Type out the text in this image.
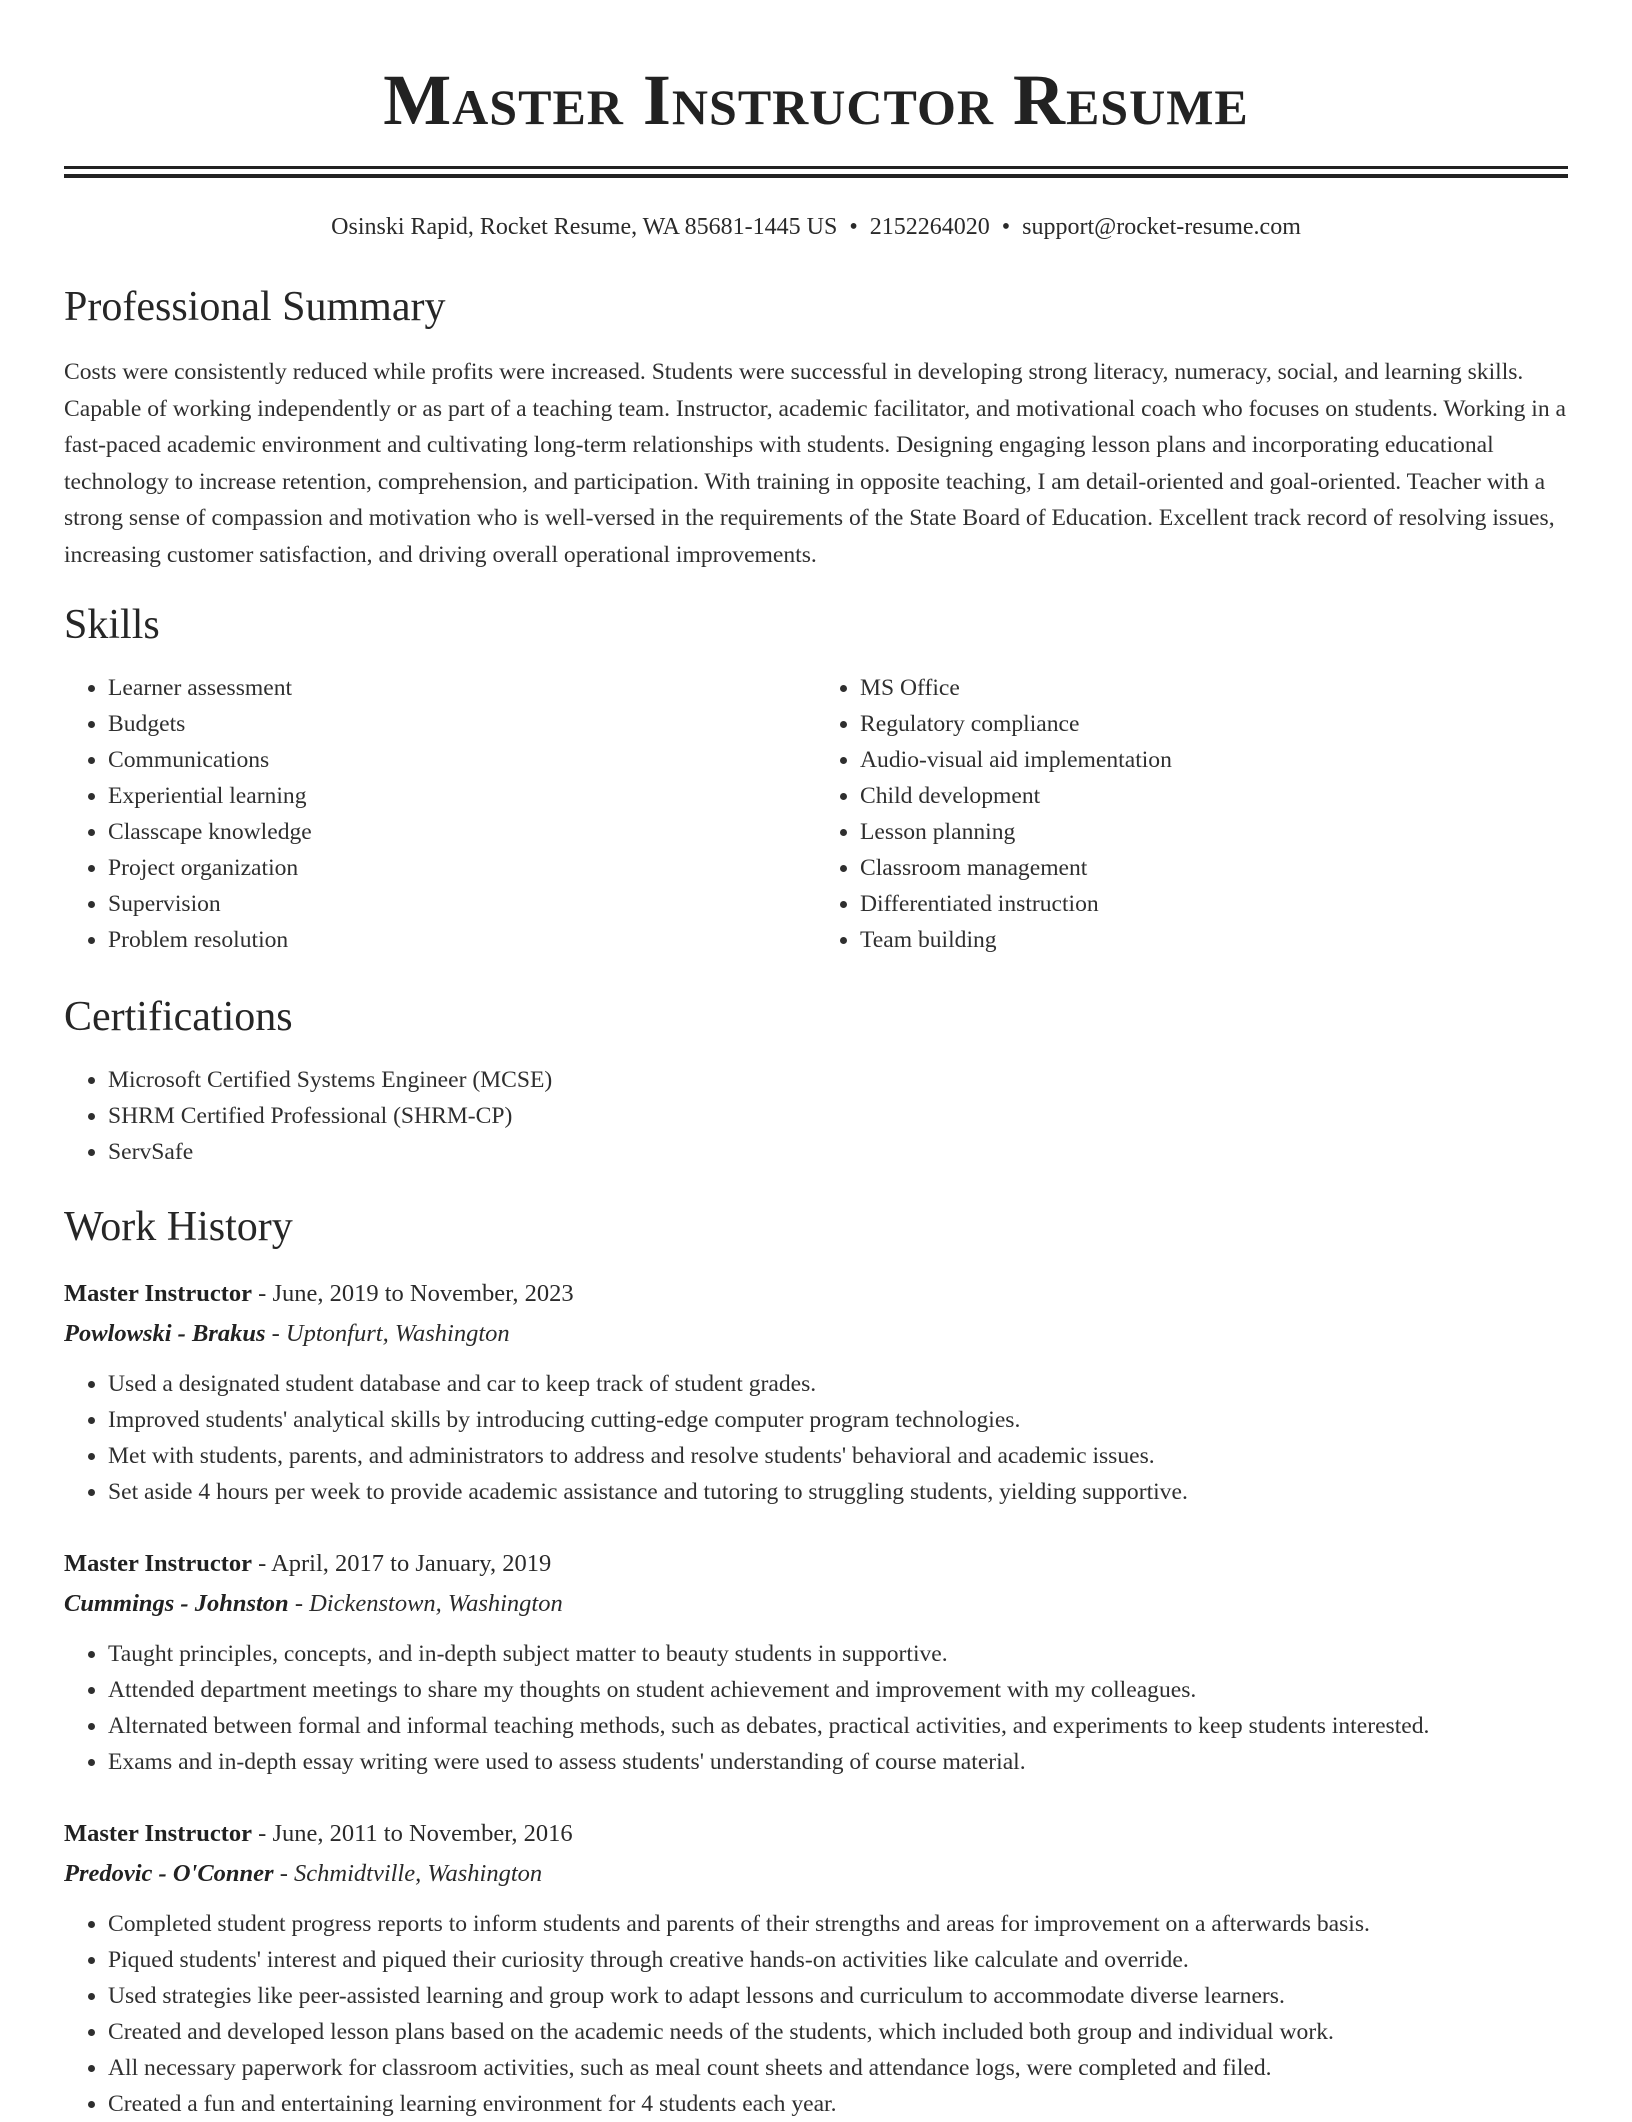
Master Instructor Resume
Osinski Rapid, Rocket Resume, WA 85681-1445 US • 2152264020 • support@rocket-resume.com
Professional Summary

Costs were consistently reduced while profits were increased. Students were successful in developing strong literacy, numeracy, social, and learning skills. Capable of working independently or as part of a teaching team. Instructor, academic facilitator, and motivational coach who focuses on students. Working in a fast-paced academic environment and cultivating long-term relationships with students. Designing engaging lesson plans and incorporating educational technology to increase retention, comprehension, and participation. With training in opposite teaching, I am detail-oriented and goal-oriented. Teacher with a strong sense of compassion and motivation who is well-versed in the requirements of the State Board of Education. Excellent track record of resolving issues, increasing customer satisfaction, and driving overall operational improvements.

Skills
• Learner assessment
• Budgets
• Communications
• Experiential learning
• Classcape knowledge
• Project organization
• Supervision
• Problem resolution
• MS Office
• Regulatory compliance
• Audio-visual aid implementation
• Child development
• Lesson planning
• Classroom management
• Differentiated instruction
• Team building
Certifications
• Microsoft Certified Systems Engineer (MCSE)
• SHRM Certified Professional (SHRM-CP)
• ServSafe
Work History
Master Instructor - June, 2019 to November, 2023
Powlowski - Brakus - Uptonfurt, Washington
• Used a designated student database and car to keep track of student grades.
• Improved students' analytical skills by introducing cutting-edge computer program technologies.
• Met with students, parents, and administrators to address and resolve students' behavioral and academic issues.
• Set aside 4 hours per week to provide academic assistance and tutoring to struggling students, yielding supportive.
Master Instructor - April, 2017 to January, 2019
Cummings - Johnston - Dickenstown, Washington
• Taught principles, concepts, and in-depth subject matter to beauty students in supportive.
• Attended department meetings to share my thoughts on student achievement and improvement with my colleagues.
• Alternated between formal and informal teaching methods, such as debates, practical activities, and experiments to keep students interested.
• Exams and in-depth essay writing were used to assess students' understanding of course material.
Master Instructor - June, 2011 to November, 2016
Predovic - O'Conner - Schmidtville, Washington
• Completed student progress reports to inform students and parents of their strengths and areas for improvement on a afterwards basis.
• Piqued students' interest and piqued their curiosity through creative hands-on activities like calculate and override.
• Used strategies like peer-assisted learning and group work to adapt lessons and curriculum to accommodate diverse learners.
• Created and developed lesson plans based on the academic needs of the students, which included both group and individual work.
• All necessary paperwork for classroom activities, such as meal count sheets and attendance logs, were completed and filed.
• Created a fun and entertaining learning environment for 4 students each year.
